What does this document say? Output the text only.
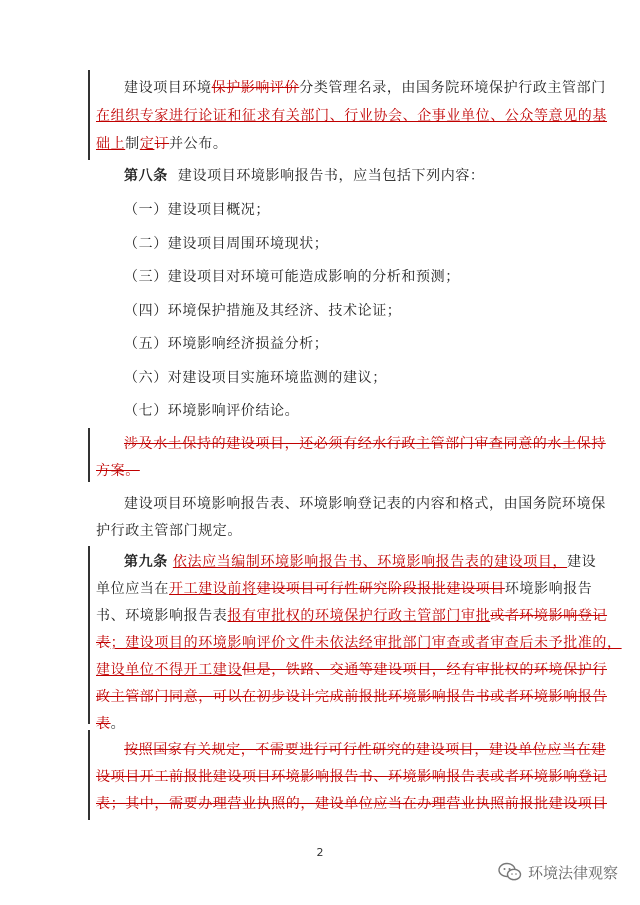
建设项目环境保护影响评价分类管理名录，由国务院环境保护行政主管部门
在组织专家进行论证和征求有关部门、行业协会、企事业单位、公众等意见的基
础上制定订并公布。
第八条 建设项目环境影响报告书，应当包括下列内容：
（一）建设项目概况；
（二）建设项目周围环境现状；
（三）建设项目对环境可能造成影响的分析和预测；
（四）环境保护措施及其经济、技术论证；
（五）环境影响经济损益分析；
（六）对建设项目实施环境监测的建议；
（七）环境影响评价结论。
涉及水土保持的建设项目，还必须有经水行政主管部门审查同意的水土保持
方案。
建设项目环境影响报告表、环境影响登记表的内容和格式，由国务院环境保
护行政主管部门规定。
第九条 依法应当编制环境影响报告书、环境影响报告表的建设项目，建设
单位应当在开工建设前将建设项目可行性研究阶段报批建设项目环境影响报告
书、环境影响报告表报有审批权的环境保护行政主管部门审批或者环境影响登记
表；建设项目的环境影响评价文件未依法经审批部门审查或者审查后未予批准的，
建设单位不得开工建设但是，铁路、交通等建设项目，经有审批权的环境保护行
政主管部门同意，可以在初步设计完成前报批环境影响报告书或者环境影响报告
表。
按照国家有关规定，不需要进行可行性研究的建设项目，建设单位应当在建
设项目开工前报批建设项目环境影响报告书、环境影响报告表或者环境影响登记
表；其中，需要办理营业执照的，建设单位应当在办理营业执照前报批建设项目
2
环境法律观察
